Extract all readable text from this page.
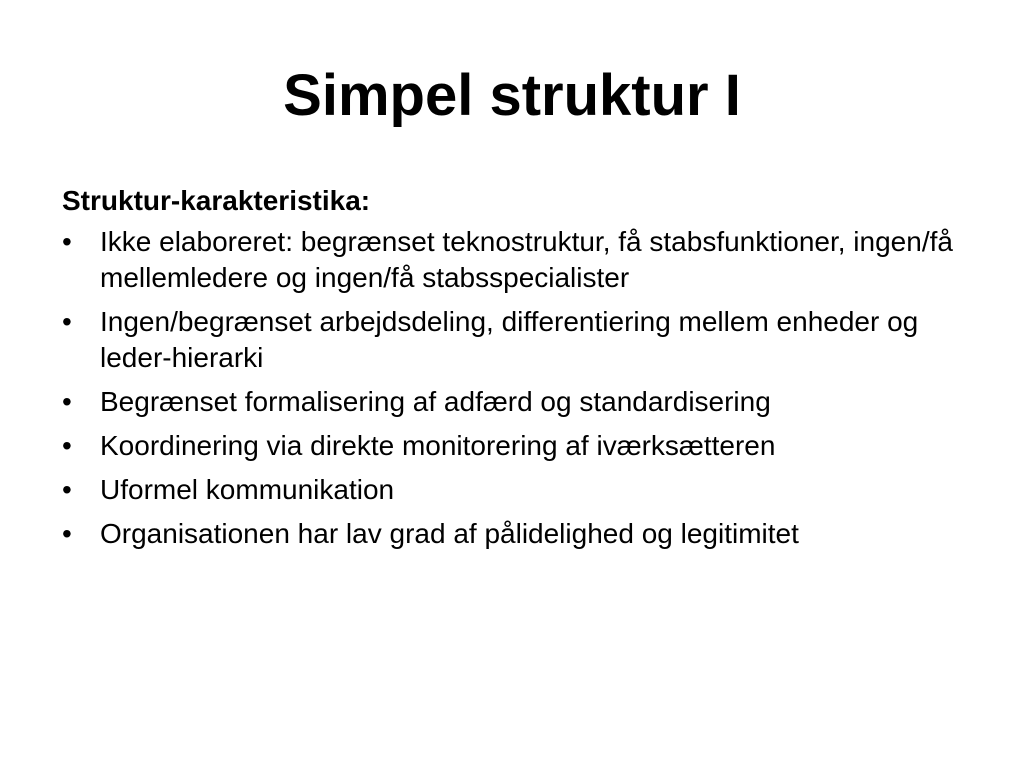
Simpel struktur I

Struktur-karakteristika:

•	Ikke elaboreret: begrænset teknostruktur, få stabsfunktioner, ingen/få mellemledere og ingen/få stabsspecialister
•	Ingen/begrænset arbejdsdeling, differentiering mellem enheder og leder-hierarki
•	Begrænset formalisering af adfærd og standardisering
•	Koordinering via direkte monitorering af iværksætteren
•	Uformel kommunikation
•	Organisationen har lav grad af pålidelighed og legitimitet
